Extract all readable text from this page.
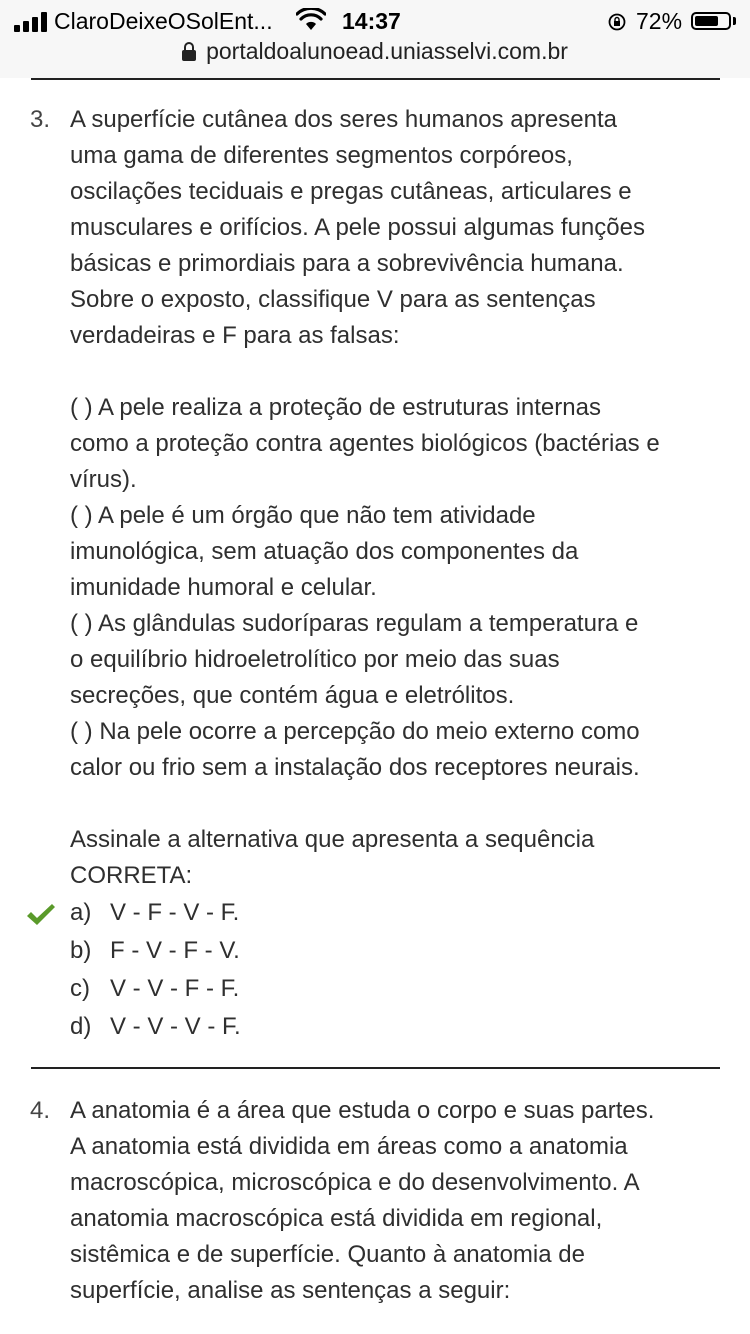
ClaroDeixeOSolEnt...	14:37	72%
portaldoalunoead.uniasselvi.com.br
3. A superfície cutânea dos seres humanos apresenta

uma gama de diferentes segmentos corpóreos,

oscilações teciduais e pregas cutâneas, articulares e

musculares e orifícios. A pele possui algumas funções

básicas e primordiais para a sobrevivência humana.

Sobre o exposto, classifique V para as sentenças

verdadeiras e F para as falsas:

( ) A pele realiza a proteção de estruturas internas

como a proteção contra agentes biológicos (bactérias e

vírus).

( ) A pele é um órgão que não tem atividade

imunológica, sem atuação dos componentes da

imunidade humoral e celular.

( ) As glândulas sudoríparas regulam a temperatura e

o equilíbrio hidroeletrolítico por meio das suas

secreções, que contém água e eletrólitos.

( ) Na pele ocorre a percepção do meio externo como

calor ou frio sem a instalação dos receptores neurais.

Assinale a alternativa que apresenta a sequência

CORRETA:

a) V - F - V - F.
b) F - V - F - V.
c) V - V - F - F.
d) V - V - V - F.
4. A anatomia é a área que estuda o corpo e suas partes.

A anatomia está dividida em áreas como a anatomia

macroscópica, microscópica e do desenvolvimento. A

anatomia macroscópica está dividida em regional,

sistêmica e de superfície. Quanto à anatomia de

superfície, analise as sentenças a seguir:
